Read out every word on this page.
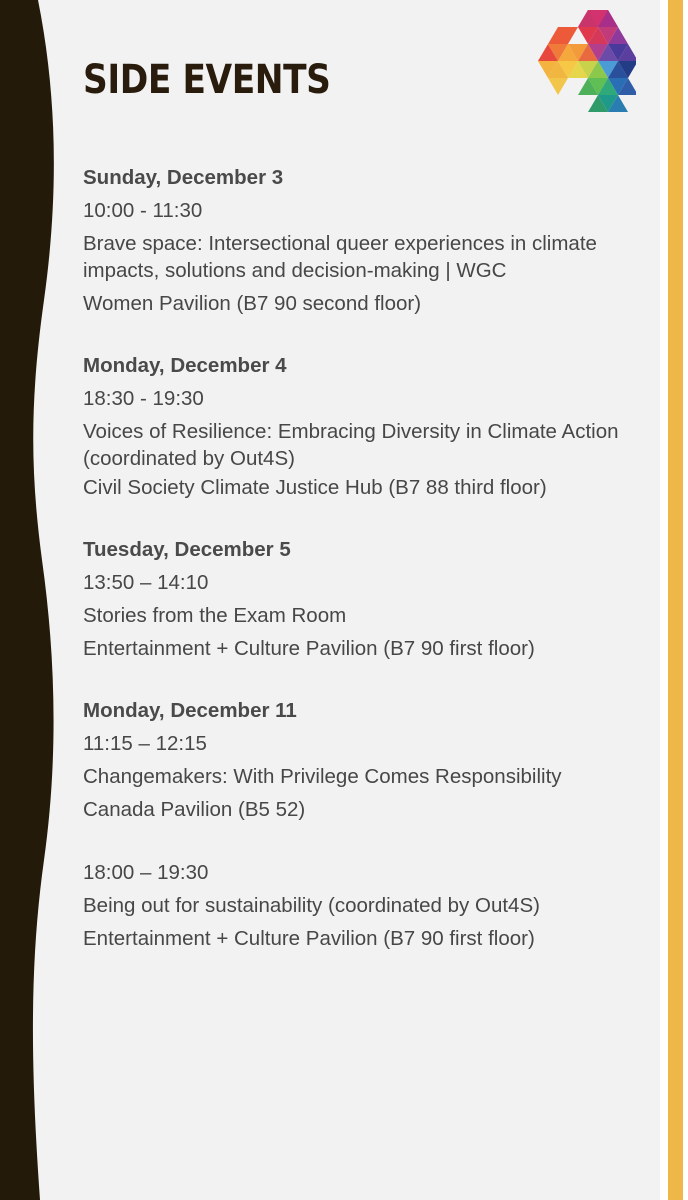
SIDE EVENTS

Sunday, December 3

10:00 - 11:30

Brave space: Intersectional queer experiences in climate impacts, solutions and decision-making | WGC

Women Pavilion (B7 90 second floor)

Monday, December 4

18:30 - 19:30

Voices of Resilience: Embracing Diversity in Climate Action (coordinated by Out4S)

Civil Society Climate Justice Hub (B7 88 third floor)

Tuesday, December 5

13:50 – 14:10

Stories from the Exam Room

Entertainment + Culture Pavilion (B7 90 first floor)

Monday, December 11

11:15 – 12:15

Changemakers: With Privilege Comes Responsibility

Canada Pavilion (B5 52)

18:00 – 19:30

Being out for sustainability (coordinated by Out4S)

Entertainment + Culture Pavilion (B7 90 first floor)
